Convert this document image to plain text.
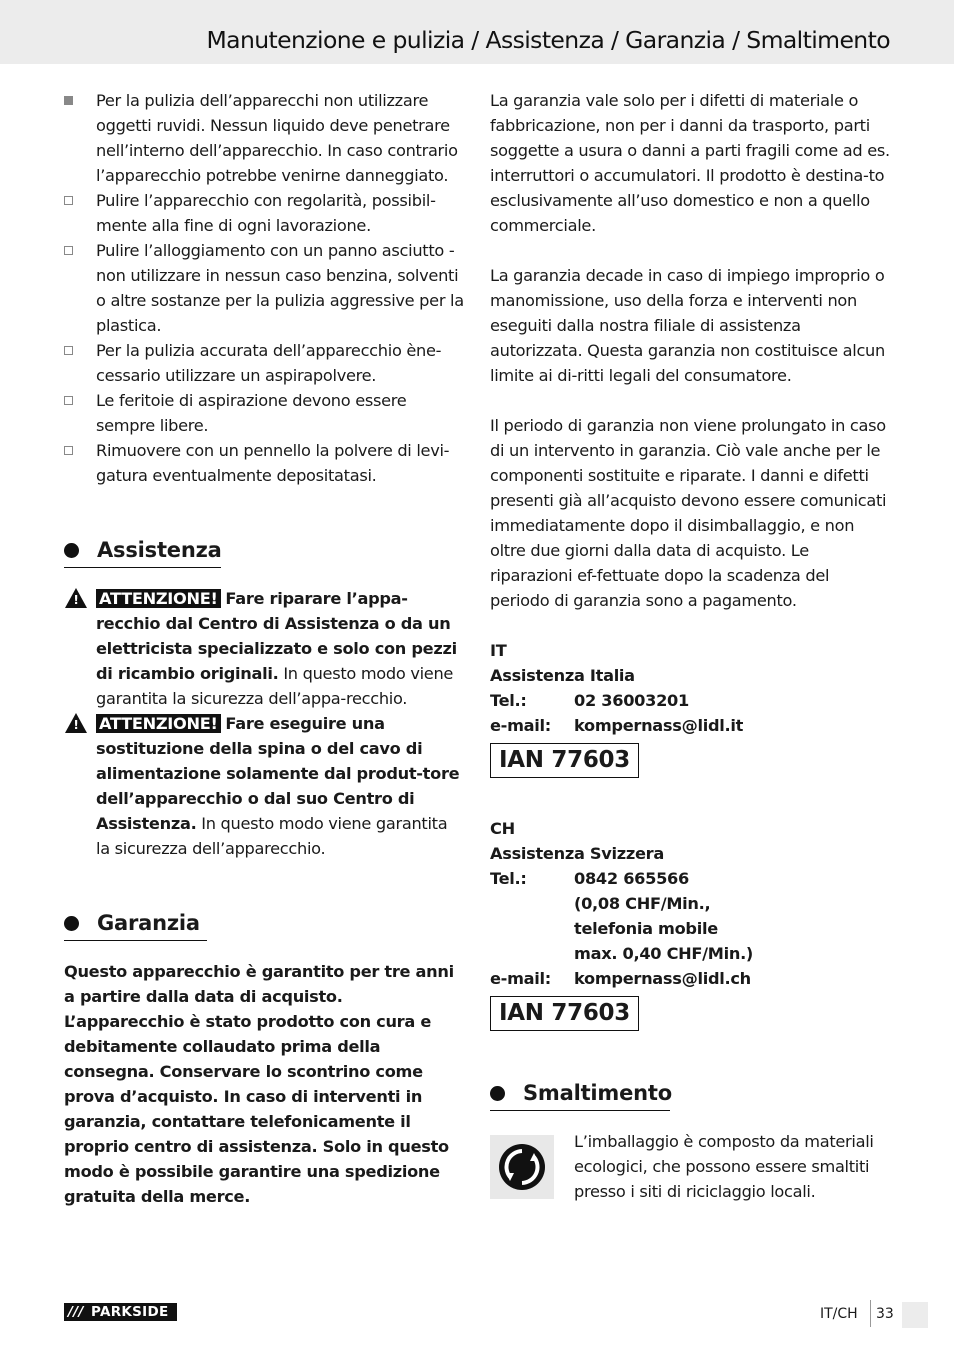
Manutenzione e pulizia / Assistenza / Garanzia / Smaltimento

Per la pulizia dell’apparecchi non utilizzare oggetti ruvidi. Nessun liquido deve penetrare nell’interno dell’apparecchio. In caso contrario l’apparecchio potrebbe venirne danneggiato.

Pulire l’apparecchio con regolarità, possibil-mente alla fine di ogni lavorazione.

Pulire l’alloggiamento con un panno asciutto - non utilizzare in nessun caso benzina, solventi o altre sostanze per la pulizia aggressive per la plastica.

Per la pulizia accurata dell’apparecchio ène-cessario utilizzare un aspirapolvere.

Le feritoie di aspirazione devono essere sempre libere.

Rimuovere con un pennello la polvere di levi-gatura eventualmente depositatasi.

Assistenza

! ATTENZIONE! Fare riparare l’appa-recchio dal Centro di Assistenza o da un elettricista specializzato e solo con pezzi di ricambio originali. In questo modo viene garantita la sicurezza dell’appa-recchio.

! ATTENZIONE! Fare eseguire una sostituzione della spina o del cavo di alimentazione solamente dal produt-tore dell’apparecchio o dal suo Centro di Assistenza. In questo modo viene garantita la sicurezza dell’apparecchio.

Garanzia

Questo apparecchio è garantito per tre anni a partire dalla data di acquisto. L’apparecchio è stato prodotto con cura e debitamente collaudato prima della consegna. Conservare lo scontrino come prova d’acquisto. In caso di interventi in garanzia, contattare telefonicamente il proprio centro di assistenza. Solo in questo modo è possibile garantire una spedizione gratuita della merce.

La garanzia vale solo per i difetti di materiale o fabbricazione, non per i danni da trasporto, parti soggette a usura o danni a parti fragili come ad es. interruttori o accumulatori. Il prodotto è destina-to esclusivamente all’uso domestico e non a quello commerciale.

La garanzia decade in caso di impiego improprio o manomissione, uso della forza e interventi non eseguiti dalla nostra filiale di assistenza autorizzata. Questa garanzia non costituisce alcun limite ai di-ritti legali del consumatore.

Il periodo di garanzia non viene prolungato in caso di un intervento in garanzia. Ciò vale anche per le componenti sostituite e riparate. I danni e difetti presenti già all’acquisto devono essere comunicati immediatamente dopo il disimballaggio, e non oltre due giorni dalla data di acquisto. Le riparazioni ef-fettuate dopo la scadenza del periodo di garanzia sono a pagamento.

IT
Assistenza Italia
Tel.:	02 36003201
e-mail:	kompernass@lidl.it
IAN 77603
CH
Assistenza Svizzera
Tel.:	0842 665566
(0,08 CHF/Min.,
telefonia mobile
max. 0,40 CHF/Min.)
e-mail:	kompernass@lidl.ch
IAN 77603
Smaltimento

L’imballaggio è composto da materiali ecologici, che possono essere smaltiti presso i siti di riciclaggio locali.

/// PARKSIDE	IT/CH 33
